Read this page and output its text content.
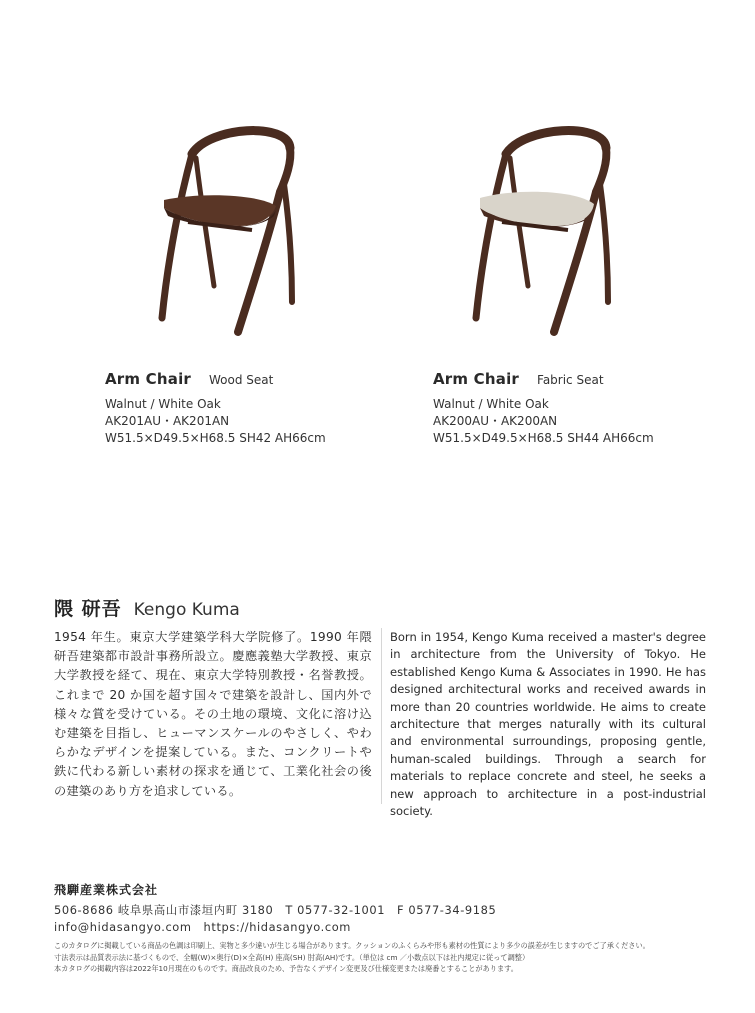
Arm Chair Wood Seat
Walnut / White Oak
AK201AU・AK201AN
W51.5×D49.5×H68.5 SH42 AH66cm
Arm Chair Fabric Seat
Walnut / White Oak
AK200AU・AK200AN
W51.5×D49.5×H68.5 SH44 AH66cm
隈 研吾 Kengo Kuma
1954 年生。東京大学建築学科大学院修了。1990 年隈研吾建築都市設計事務所設立。慶應義塾大学教授、東京大学教授を経て、現在、東京大学特別教授・名誉教授。これまで 20 か国を超す国々で建築を設計し、国内外で様々な賞を受けている。その土地の環境、文化に溶け込む建築を目指し、ヒューマンスケールのやさしく、やわらかなデザインを提案している。また、コンクリートや鉄に代わる新しい素材の探求を通じて、工業化社会の後の建築のあり方を追求している。
Born in 1954, Kengo Kuma received a master's degree in architecture from the University of Tokyo. He established Kengo Kuma & Associates in 1990. He has designed architectural works and received awards in more than 20 countries worldwide. He aims to create architecture that merges naturally with its cultural and environmental surroundings, proposing gentle, human-scaled buildings. Through a search for materials to replace concrete and steel, he seeks a new approach to architecture in a post-industrial society.
飛騨産業株式会社
506-8686 岐阜県高山市漆垣内町 3180　T 0577-32-1001　F 0577-34-9185
info@hidasangyo.com　https://hidasangyo.com
このカタログに掲載している商品の色調は印刷上、実物と多少違いが生じる場合があります。クッションのふくらみや形も素材の性質により多少の誤差が生じますのでご了承ください。
寸法表示は品質表示法に基づくもので、全幅(W)×奥行(D)×全高(H) 座高(SH) 肘高(AH)です。（単位は cm ／小数点以下は社内規定に従って調整）
本カタログの掲載内容は2022年10月現在のものです。商品改良のため、予告なくデザイン変更及び仕様変更または廃番とすることがあります。
